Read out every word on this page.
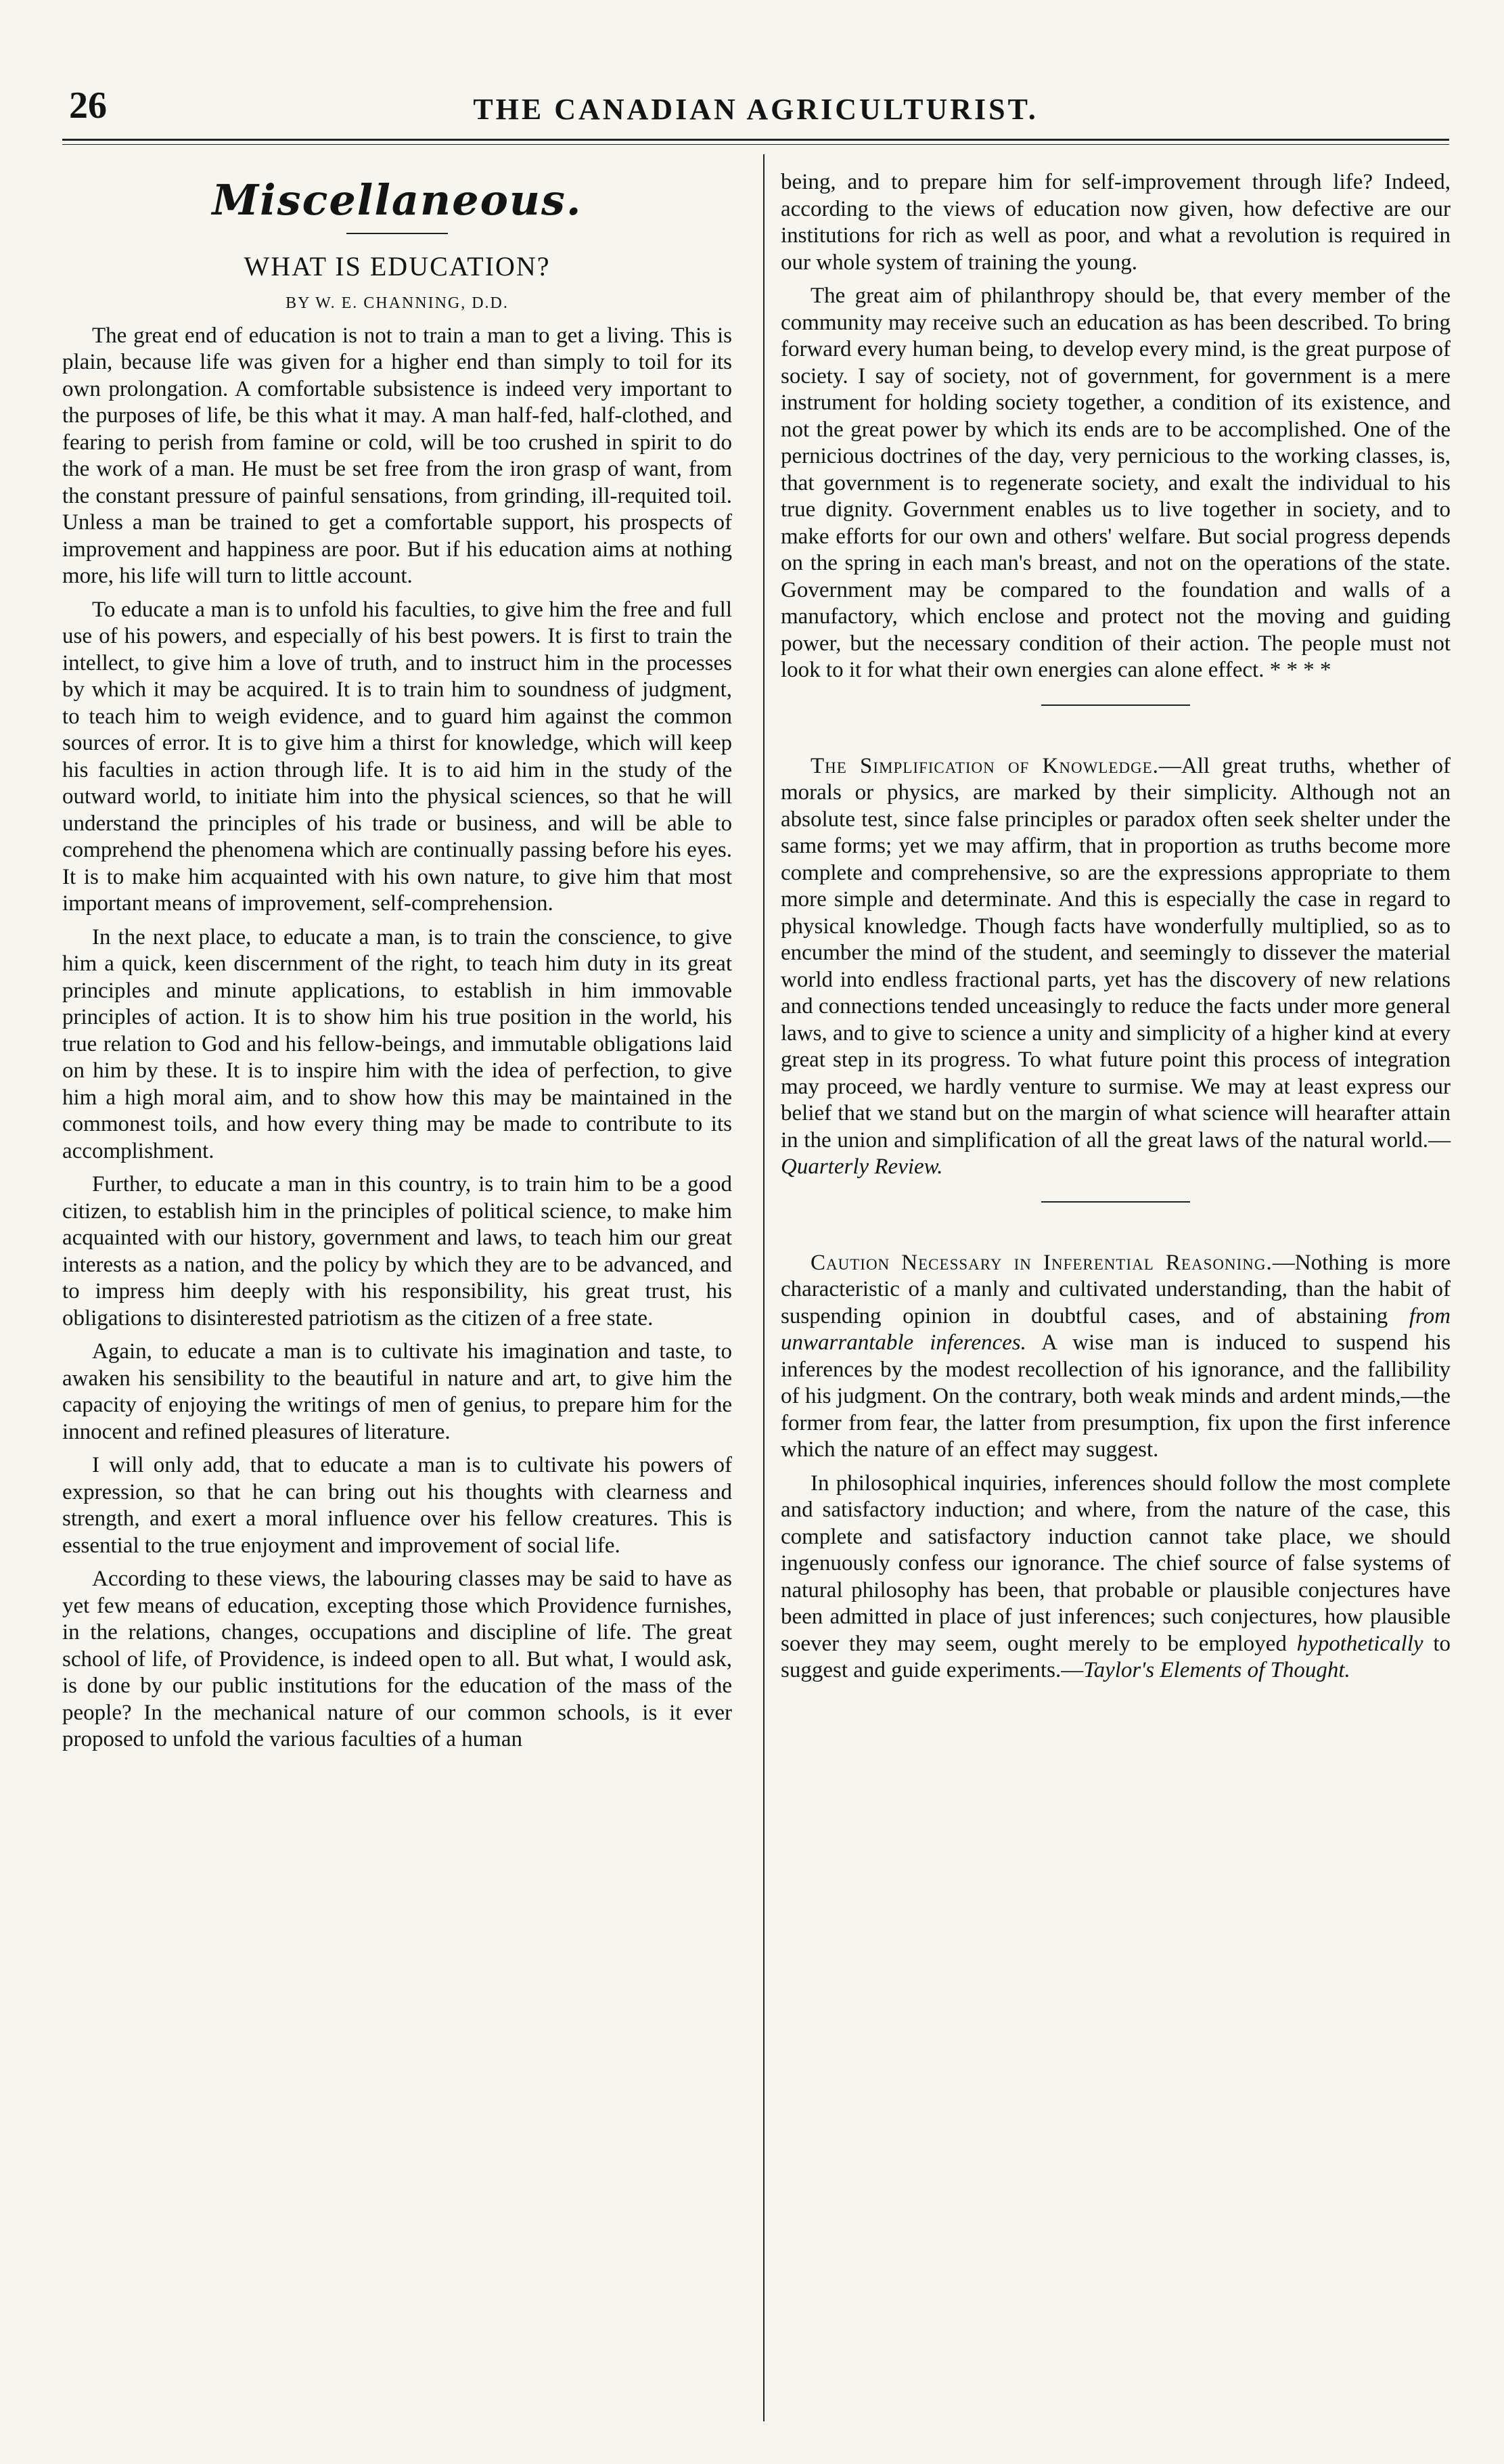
26	THE CANADIAN AGRICULTURIST.
Miscellaneous.
WHAT IS EDUCATION?
BY W. E. CHANNING, D.D.

The great end of education is not to train a man to get a living. This is plain, because life was given for a higher end than simply to toil for its own prolongation. A comfortable subsistence is indeed very important to the purposes of life, be this what it may. A man half-fed, half-clothed, and fearing to perish from famine or cold, will be too crushed in spirit to do the work of a man. He must be set free from the iron grasp of want, from the constant pressure of painful sensations, from grinding, ill-requited toil. Unless a man be trained to get a comfortable support, his prospects of improvement and happiness are poor. But if his education aims at nothing more, his life will turn to little account.

To educate a man is to unfold his faculties, to give him the free and full use of his powers, and especially of his best powers. It is first to train the intellect, to give him a love of truth, and to instruct him in the processes by which it may be acquired. It is to train him to soundness of judgment, to teach him to weigh evidence, and to guard him against the common sources of error. It is to give him a thirst for knowledge, which will keep his faculties in action through life. It is to aid him in the study of the outward world, to initiate him into the physical sciences, so that he will understand the principles of his trade or business, and will be able to comprehend the phenomena which are continually passing before his eyes. It is to make him acquainted with his own nature, to give him that most important means of improvement, self-comprehension.

In the next place, to educate a man, is to train the conscience, to give him a quick, keen discernment of the right, to teach him duty in its great principles and minute applications, to establish in him immovable principles of action. It is to show him his true position in the world, his true relation to God and his fellow-beings, and immutable obligations laid on him by these. It is to inspire him with the idea of perfection, to give him a high moral aim, and to show how this may be maintained in the commonest toils, and how every thing may be made to contribute to its accomplishment.

Further, to educate a man in this country, is to train him to be a good citizen, to establish him in the principles of political science, to make him acquainted with our history, government and laws, to teach him our great interests as a nation, and the policy by which they are to be advanced, and to impress him deeply with his responsibility, his great trust, his obligations to disinterested patriotism as the citizen of a free state.

Again, to educate a man is to cultivate his imagination and taste, to awaken his sensibility to the beautiful in nature and art, to give him the capacity of enjoying the writings of men of genius, to prepare him for the innocent and refined pleasures of literature.

I will only add, that to educate a man is to cultivate his powers of expression, so that he can bring out his thoughts with clearness and strength, and exert a moral influence over his fellow creatures. This is essential to the true enjoyment and improvement of social life.

According to these views, the labouring classes may be said to have as yet few means of education, excepting those which Providence furnishes, in the relations, changes, occupations and discipline of life. The great school of life, of Providence, is indeed open to all. But what, I would ask, is done by our public institutions for the education of the mass of the people? In the mechanical nature of our common schools, is it ever proposed to unfold the various faculties of a human

being, and to prepare him for self-improvement through life? Indeed, according to the views of education now given, how defective are our institutions for rich as well as poor, and what a revolution is required in our whole system of training the young.

The great aim of philanthropy should be, that every member of the community may receive such an education as has been described. To bring forward every human being, to develop every mind, is the great purpose of society. I say of society, not of government, for government is a mere instrument for holding society together, a condition of its existence, and not the great power by which its ends are to be accomplished. One of the pernicious doctrines of the day, very pernicious to the working classes, is, that government is to regenerate society, and exalt the individual to his true dignity. Government enables us to live together in society, and to make efforts for our own and others' welfare. But social progress depends on the spring in each man's breast, and not on the operations of the state. Government may be compared to the foundation and walls of a manufactory, which enclose and protect not the moving and guiding power, but the necessary condition of their action. The people must not look to it for what their own energies can alone effect. * * * *

The Simplification of Knowledge.—All great truths, whether of morals or physics, are marked by their simplicity. Although not an absolute test, since false principles or paradox often seek shelter under the same forms; yet we may affirm, that in proportion as truths become more complete and comprehensive, so are the expressions appropriate to them more simple and determinate. And this is especially the case in regard to physical knowledge. Though facts have wonderfully multiplied, so as to encumber the mind of the student, and seemingly to dissever the material world into endless fractional parts, yet has the discovery of new relations and connections tended unceasingly to reduce the facts under more general laws, and to give to science a unity and simplicity of a higher kind at every great step in its progress. To what future point this process of integration may proceed, we hardly venture to surmise. We may at least express our belief that we stand but on the margin of what science will hearafter attain in the union and simplification of all the great laws of the natural world.—Quarterly Review.

Caution Necessary in Inferential Reasoning.—Nothing is more characteristic of a manly and cultivated understanding, than the habit of suspending opinion in doubtful cases, and of abstaining from unwarrantable inferences. A wise man is induced to suspend his inferences by the modest recollection of his ignorance, and the fallibility of his judgment. On the contrary, both weak minds and ardent minds,—the former from fear, the latter from presumption, fix upon the first inference which the nature of an effect may suggest.

In philosophical inquiries, inferences should follow the most complete and satisfactory induction; and where, from the nature of the case, this complete and satisfactory induction cannot take place, we should ingenuously confess our ignorance. The chief source of false systems of natural philosophy has been, that probable or plausible conjectures have been admitted in place of just inferences; such conjectures, how plausible soever they may seem, ought merely to be employed hypothetically to suggest and guide experiments.—Taylor's Elements of Thought.
